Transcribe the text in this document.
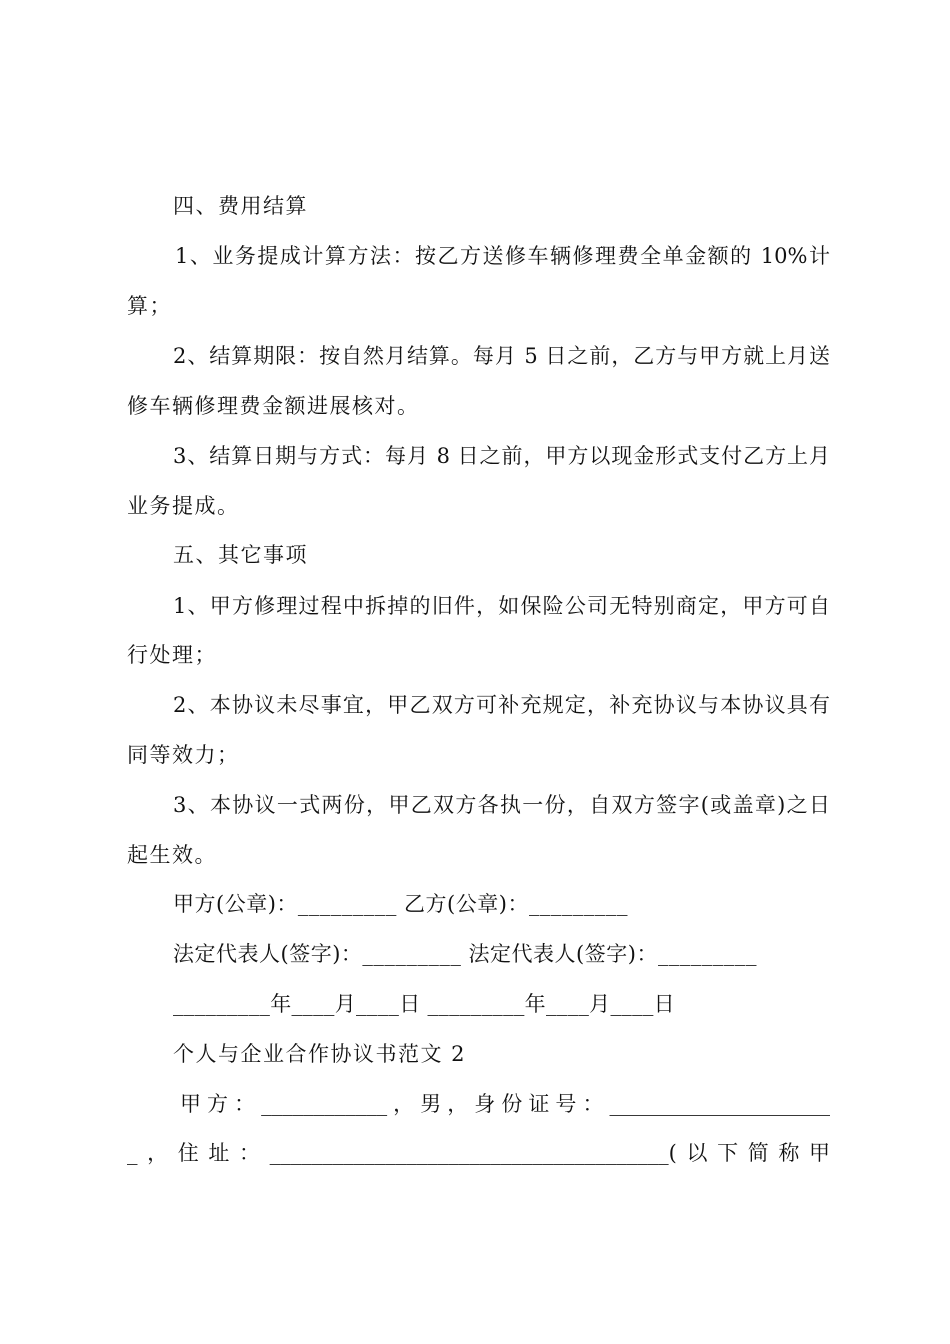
四、费用结算
1、业务提成计算方法：按乙方送修车辆修理费全单金额的 10%计
算；
2、结算期限：按自然月结算。每月 5 日之前，乙方与甲方就上月送
修车辆修理费金额进展核对。
3、结算日期与方式：每月 8 日之前，甲方以现金形式支付乙方上月
业务提成。
五、其它事项
1、甲方修理过程中拆掉的旧件，如保险公司无特别商定，甲方可自
行处理；
2、本协议未尽事宜，甲乙双方可补充规定，补充协议与本协议具有
同等效力；
3、本协议一式两份，甲乙双方各执一份，自双方签字(或盖章)之日
起生效。
甲方(公章)：_________ 乙方(公章)：_________
法定代表人(签字)：_________ 法定代表人(签字)：_________
_________年____月____日 _________年____月____日
个人与企业合作协议书范文 2
甲方：____________，男，身份证号：_____________________
_，住址：______________________________________(以下简称甲
